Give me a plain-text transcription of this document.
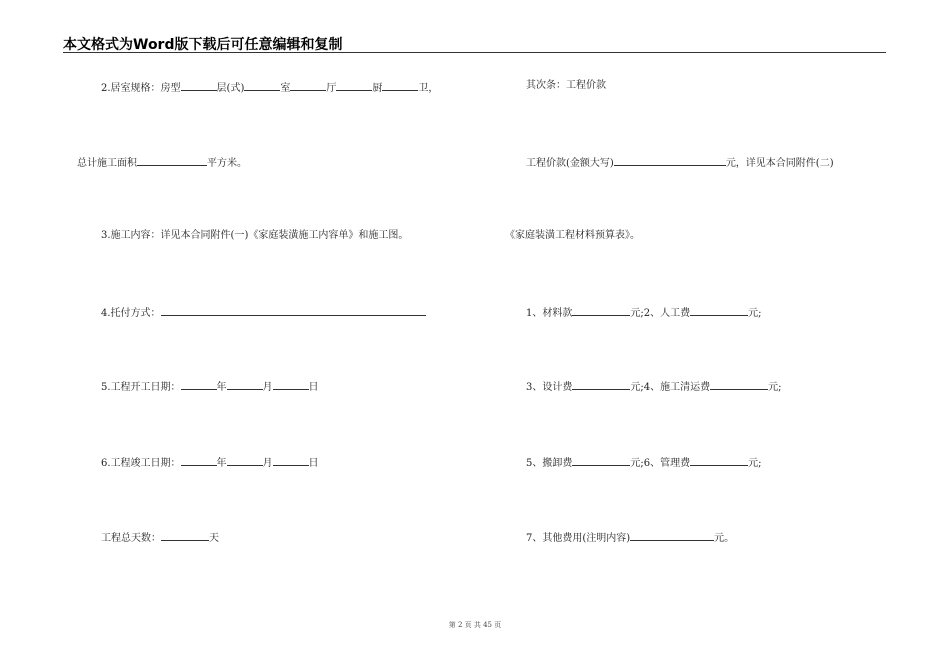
本文格式为Word版下载后可任意编辑和复制
2.居室规格：房型	层(式)	室	厅	厨	卫，
总计施工面积	平方米。
3.施工内容：详见本合同附件(一)《家庭装潢施工内容单》和施工图。
4.托付方式：
5.工程开工日期：	年	月	日
6.工程竣工日期：	年	月	日
工程总天数：	天
其次条：工程价款
工程价款(金额大写)	元，详见本合同附件(二)
《家庭装潢工程材料预算表》。
1、材料款	元;2、人工费	元;
3、设计费	元;4、施工清运费	元;
5、搬卸费	元;6、管理费	元;
7、其他费用(注明内容)	元。
第 2 页 共 45 页
